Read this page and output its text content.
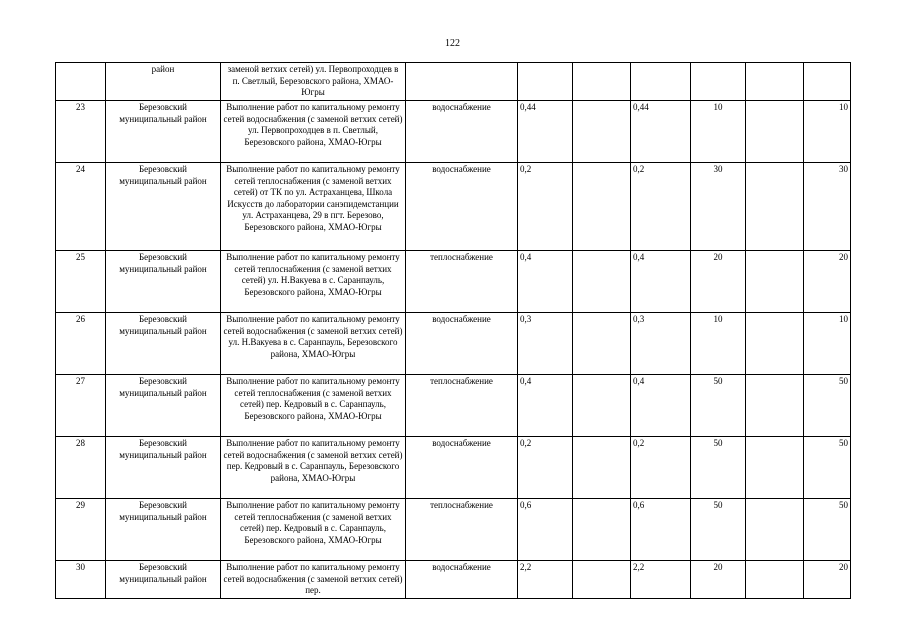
122
	район	заменой ветхих сетей) ул. Первопроходцев в п. Светлый, Березовского района, ХМАО-Югры							
23	Березовский муниципальный район	Выполнение работ по капитальному ремонту сетей водоснабжения (с заменой ветхих сетей) ул. Первопроходцев в п. Светлый, Березовского района, ХМАО-Югры	водоснабжение	0,44		0,44	10		10
24	Березовский муниципальный район	Выполнение работ по капитальному ремонту сетей теплоснабжения (с заменой ветхих сетей) от ТК по ул. Астраханцева, Школа Искусств до лаборатории санэпидемстанции ул. Астраханцева, 29 в пгт. Березово, Березовского района, ХМАО-Югры	водоснабжение	0,2		0,2	30		30
25	Березовский муниципальный район	Выполнение работ по капитальному ремонту сетей теплоснабжения (с заменой ветхих сетей) ул. Н.Вакуева в с. Саранпауль, Березовского района, ХМАО-Югры	теплоснабжение	0,4		0,4	20		20
26	Березовский муниципальный район	Выполнение работ по капитальному ремонту сетей водоснабжения (с заменой ветхих сетей) ул. Н.Вакуева в с. Саранпауль, Березовского района, ХМАО-Югры	водоснабжение	0,3		0,3	10		10
27	Березовский муниципальный район	Выполнение работ по капитальному ремонту сетей теплоснабжения (с заменой ветхих сетей) пер. Кедровый в с. Саранпауль, Березовского района, ХМАО-Югры	теплоснабжение	0,4		0,4	50		50
28	Березовский муниципальный район	Выполнение работ по капитальному ремонту сетей водоснабжения (с заменой ветхих сетей) пер. Кедровый в с. Саранпауль, Березовского района, ХМАО-Югры	водоснабжение	0,2		0,2	50		50
29	Березовский муниципальный район	Выполнение работ по капитальному ремонту сетей теплоснабжения (с заменой ветхих сетей) пер. Кедровый в с. Саранпауль, Березовского района, ХМАО-Югры	теплоснабжение	0,6		0,6	50		50
30	Березовский муниципальный район	Выполнение работ по капитальному ремонту сетей водоснабжения (с заменой ветхих сетей) пер.	водоснабжение	2,2		2,2	20		20
